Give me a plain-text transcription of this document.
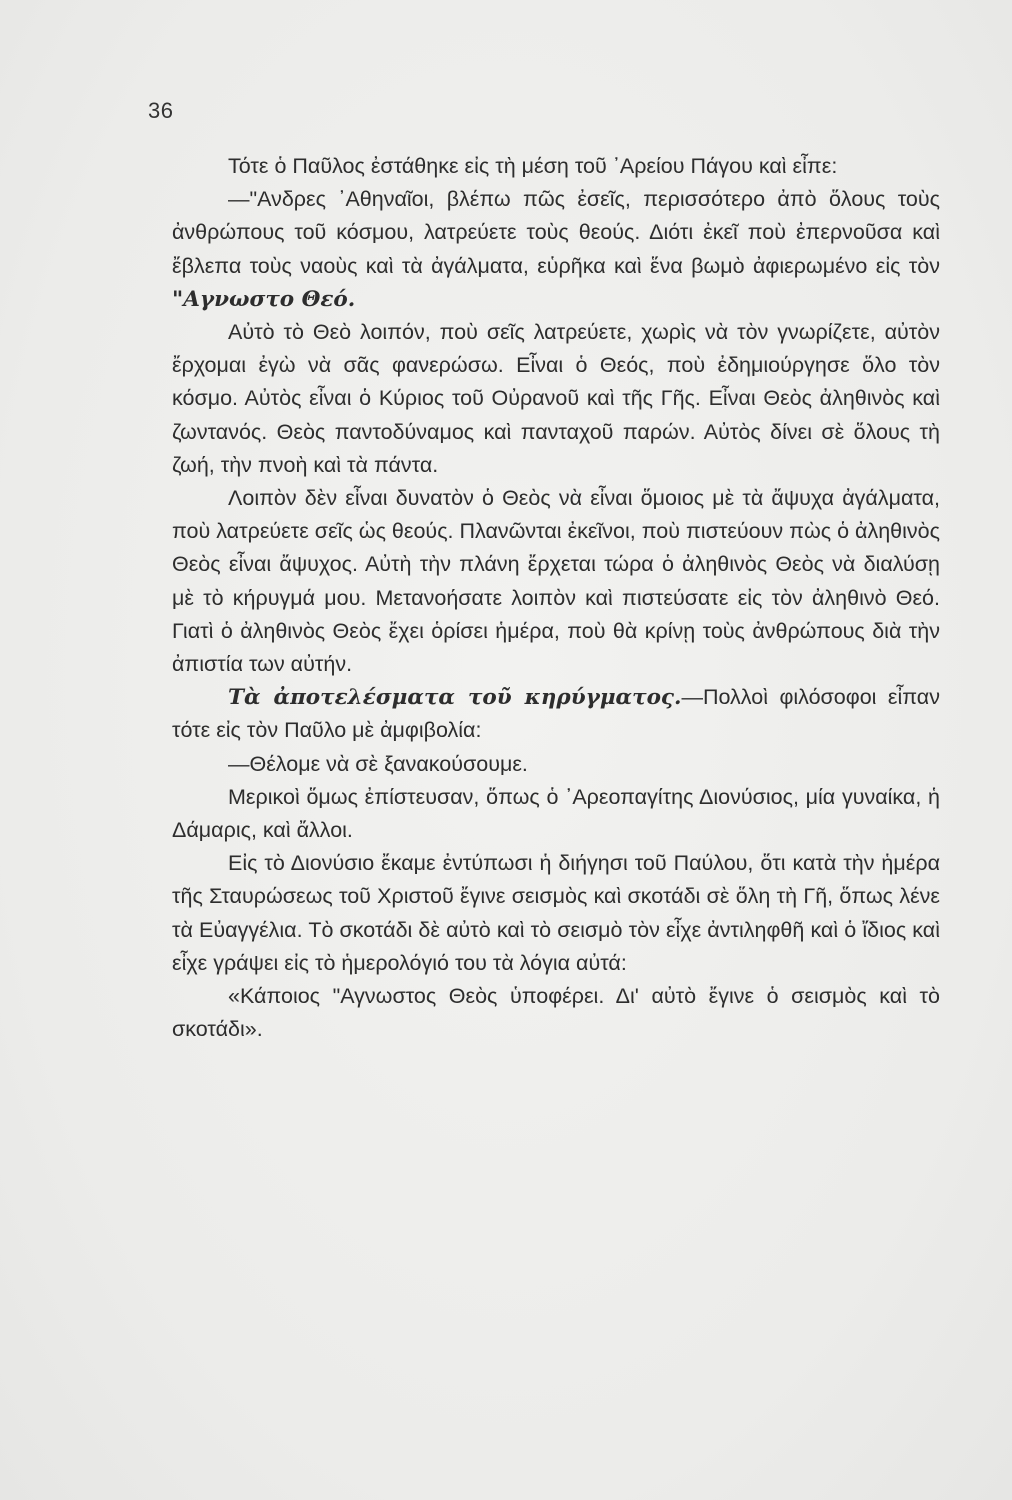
36

Τότε ὁ Παῦλος ἐστάθηκε εἰς τὴ μέση τοῦ ᾿Αρείου Πάγου καὶ εἶπε:

—"Ανδρες ᾿Αθηναῖοι, βλέπω πῶς ἐσεῖς, περισσότερο ἀπὸ ὅλους τοὺς ἀνθρώπους τοῦ κόσμου, λατρεύετε τοὺς θεούς. Διότι ἐκεῖ ποὺ ἐπερνοῦσα καὶ ἔβλεπα τοὺς ναοὺς καὶ τὰ ἀγάλματα, εὑρῆκα καὶ ἕνα βωμὸ ἀφιερωμένο εἰς τὸν "Αγνωστο Θεό.

Αὐτὸ τὸ Θεὸ λοιπόν, ποὺ σεῖς λατρεύετε, χωρὶς νὰ τὸν γνωρίζετε, αὐτὸν ἔρχομαι ἐγὼ νὰ σᾶς φανερώσω. Εἶναι ὁ Θεός, ποὺ ἐδημιούργησε ὅλο τὸν κόσμο. Αὐτὸς εἶναι ὁ Κύριος τοῦ Οὐρανοῦ καὶ τῆς Γῆς. Εἶναι Θεὸς ἀληθινὸς καὶ ζωντανός. Θεὸς παντοδύναμος καὶ πανταχοῦ παρών. Αὐτὸς δίνει σὲ ὅλους τὴ ζωή, τὴν πνοὴ καὶ τὰ πάντα.

Λοιπὸν δὲν εἶναι δυνατὸν ὁ Θεὸς νὰ εἶναι ὅμοιος μὲ τὰ ἄψυχα ἀγάλματα, ποὺ λατρεύετε σεῖς ὡς θεούς. Πλανῶνται ἐκεῖνοι, ποὺ πιστεύουν πὼς ὁ ἀληθινὸς Θεὸς εἶναι ἄψυχος. Αὐτὴ τὴν πλάνη ἔρχεται τώρα ὁ ἀληθινὸς Θεὸς νὰ διαλύσῃ μὲ τὸ κήρυγμά μου. Μετανοήσατε λοιπὸν καὶ πιστεύσατε εἰς τὸν ἀληθινὸ Θεό. Γιατὶ ὁ ἀληθινὸς Θεὸς ἔχει ὁρίσει ἡμέρα, ποὺ θὰ κρίνῃ τοὺς ἀνθρώπους διὰ τὴν ἀπιστία των αὐτήν.

Τὰ ἀποτελέσματα τοῦ κηρύγματος.—Πολλοὶ φιλόσοφοι εἶπαν τότε εἰς τὸν Παῦλο μὲ ἀμφιβολία:

—Θέλομε νὰ σὲ ξανακούσουμε.

Μερικοὶ ὅμως ἐπίστευσαν, ὅπως ὁ ᾿Αρεοπαγίτης Διονύσιος, μία γυναίκα, ἡ Δάμαρις, καὶ ἄλλοι.

Εἰς τὸ Διονύσιο ἔκαμε ἐντύπωσι ἡ διήγησι τοῦ Παύλου, ὅτι κατὰ τὴν ἡμέρα τῆς Σταυρώσεως τοῦ Χριστοῦ ἔγινε σεισμὸς καὶ σκοτάδι σὲ ὅλη τὴ Γῆ, ὅπως λένε τὰ Εὐαγγέλια. Τὸ σκοτάδι δὲ αὐτὸ καὶ τὸ σεισμὸ τὸν εἶχε ἀντιληφθῆ καὶ ὁ ἴδιος καὶ εἶχε γράψει εἰς τὸ ἡμερολόγιό του τὰ λόγια αὐτά:

«Κάποιος "Αγνωστος Θεὸς ὑποφέρει. Δι' αὐτὸ ἔγινε ὁ σεισμὸς καὶ τὸ σκοτάδι».
